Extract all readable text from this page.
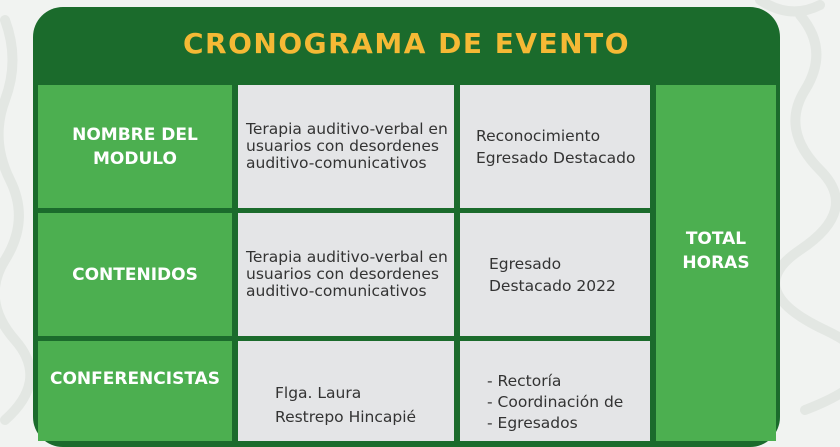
CRONOGRAMA DE EVENTO
NOMBRE DEL
MODULO
Terapia auditivo-verbal en
usuarios con desordenes
auditivo-comunicativos
Reconocimiento
Egresado Destacado
CONTENIDOS
Terapia auditivo-verbal en
usuarios con desordenes
auditivo-comunicativos
Egresado
Destacado 2022
CONFERENCISTAS
Flga. Laura
Restrepo Hincapié
- Rectoría
- Coordinación de
- Egresados
TOTAL
HORAS
